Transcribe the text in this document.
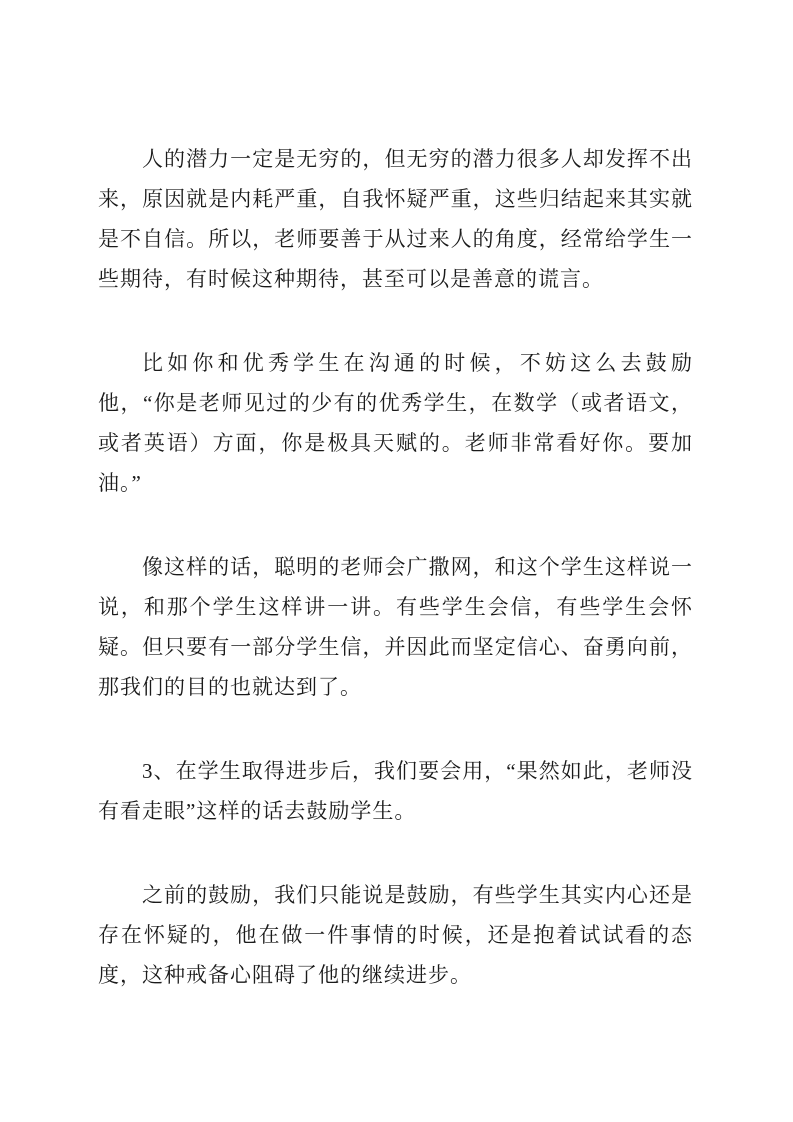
人的潜力一定是无穷的，但无穷的潜力很多人却发挥不出来，原因就是内耗严重，自我怀疑严重，这些归结起来其实就是不自信。所以，老师要善于从过来人的角度，经常给学生一些期待，有时候这种期待，甚至可以是善意的谎言。

比如你和优秀学生在沟通的时候，不妨这么去鼓励他，“你是老师见过的少有的优秀学生，在数学（或者语文，或者英语）方面，你是极具天赋的。老师非常看好你。要加油。”

像这样的话，聪明的老师会广撒网，和这个学生这样说一说，和那个学生这样讲一讲。有些学生会信，有些学生会怀疑。但只要有一部分学生信，并因此而坚定信心、奋勇向前，那我们的目的也就达到了。

3、在学生取得进步后，我们要会用，“果然如此，老师没有看走眼”这样的话去鼓励学生。

之前的鼓励，我们只能说是鼓励，有些学生其实内心还是存在怀疑的，他在做一件事情的时候，还是抱着试试看的态度，这种戒备心阻碍了他的继续进步。
